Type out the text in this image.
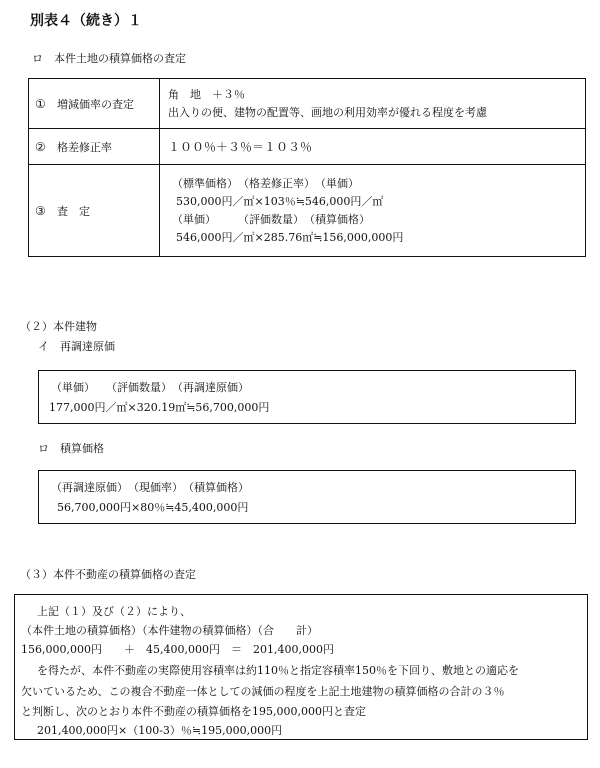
別表４（続き）１
ロ　本件土地の積算価格の査定
① 増減価率の査定	角　地　＋３％
出入りの便、建物の配置等、画地の利用効率が優れる程度を考慮

② 格差修正率	１００％＋３％＝１０３％

③ 査　定	（標準価格）　（格差修正率）　（単価）
530,000円／㎡×103％≒546,000円／㎡
（単価）　　　（評価数量）　（積算価格）
546,000円／㎡×285.76㎡≒156,000,000円
（２）本件建物
イ　再調達原価
（単価）　　（評価数量）　（再調達原価）
177,000円／㎡×320.19㎡≒56,700,000円
ロ　積算価格
（再調達原価）　（現価率）　（積算価格）
56,700,000円×80％≒45,400,000円
（３）本件不動産の積算価格の査定
上記（１）及び（２）により、
（本件土地の積算価格）（本件建物の積算価格）（合　　計）
156,000,000円　　＋　45,400,000円　＝　201,400,000円
を得たが、本件不動産の実際使用容積率は約110％と指定容積率150％を下回り、敷地との適応を
欠いているため、この複合不動産一体としての減価の程度を上記土地建物の積算価格の合計の３％
と判断し、次のとおり本件不動産の積算価格を195,000,000円と査定
201,400,000円×（100-3）％≒195,000,000円
